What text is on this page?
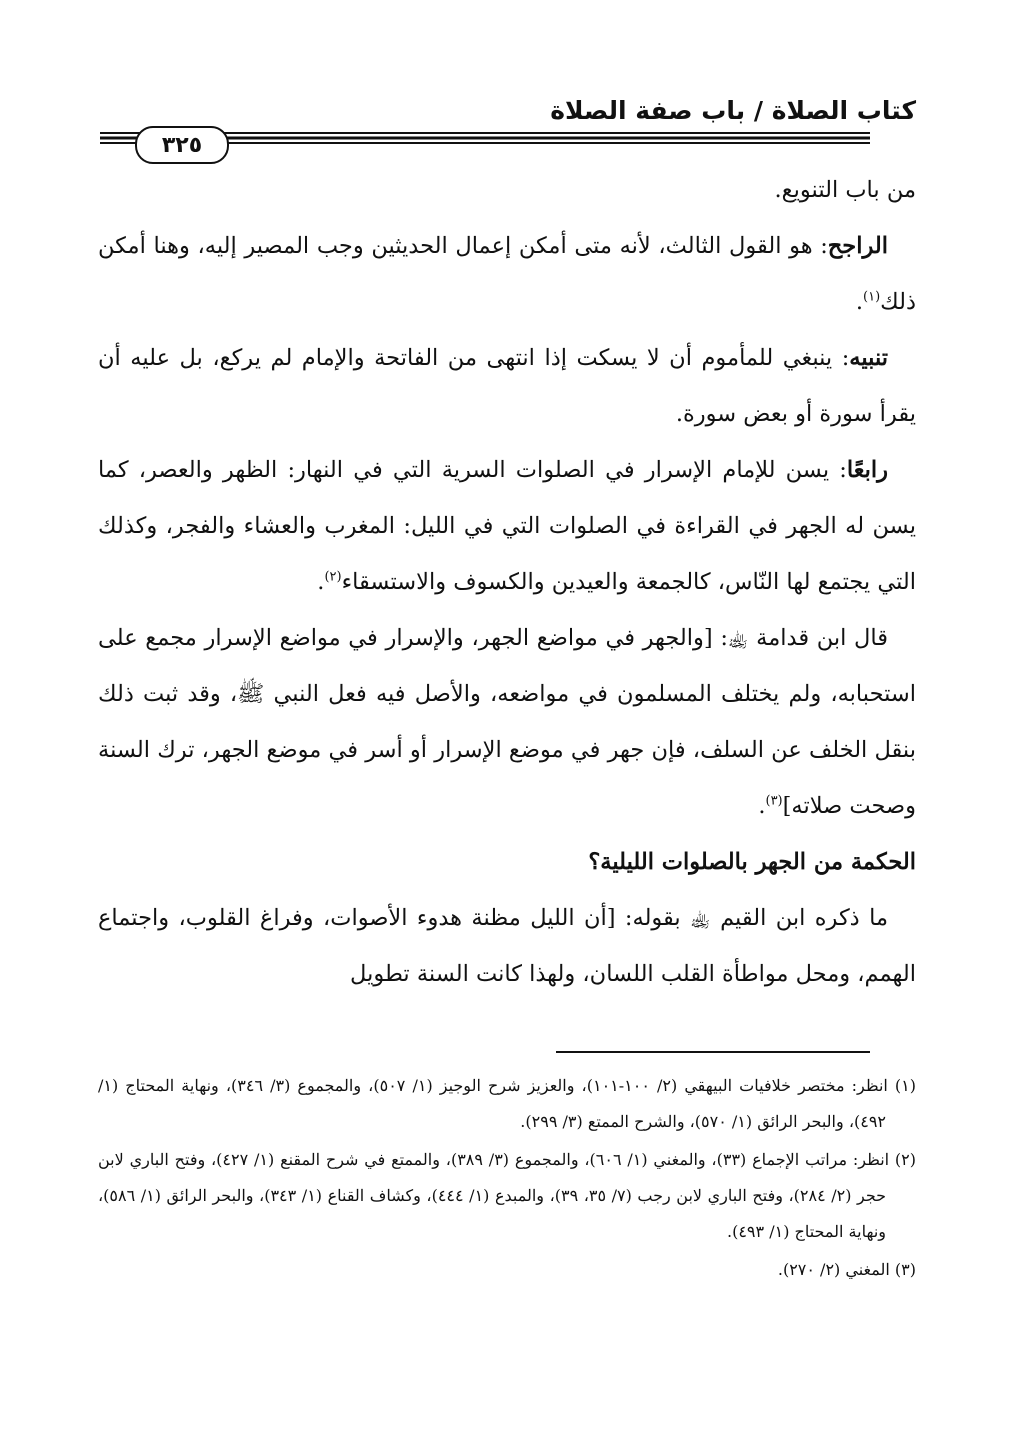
كتاب الصلاة / باب صفة الصلاة
٣٢٥

من باب التنويع.

الراجح: هو القول الثالث، لأنه متى أمكن إعمال الحديثين وجب المصير إليه، وهنا أمكن ذلك$^{(١)}$.

تنبيه: ينبغي للمأموم أن لا يسكت إذا انتهى من الفاتحة والإمام لم يركع، بل عليه أن يقرأ سورة أو بعض سورة.

رابعًا: يسن للإمام الإسرار في الصلوات السرية التي في النهار: الظهر والعصر، كما يسن له الجهر في القراءة في الصلوات التي في الليل: المغرب والعشاء والفجر، وكذلك التي يجتمع لها النّاس، كالجمعة والعيدين والكسوف والاستسقاء$^{(٢)}$.

قال ابن قدامة ﵀: [والجهر في مواضع الجهر، والإسرار في مواضع الإسرار مجمع على استحبابه، ولم يختلف المسلمون في مواضعه، والأصل فيه فعل النبي ﷺ، وقد ثبت ذلك بنقل الخلف عن السلف، فإن جهر في موضع الإسرار أو أسر في موضع الجهر، ترك السنة وصحت صلاته]$^{(٣)}$.

الحكمة من الجهر بالصلوات الليلية؟

ما ذكره ابن القيم ﵀ بقوله: [أن الليل مظنة هدوء الأصوات، وفراغ القلوب، واجتماع الهمم، ومحل مواطأة القلب اللسان، ولهذا كانت السنة تطويل

(١) انظر: مختصر خلافيات البيهقي (٢/ ١٠٠-١٠١)، والعزيز شرح الوجيز (١/ ٥٠٧)، والمجموع (٣/ ٣٤٦)، ونهاية المحتاج (١/ ٤٩٢)، والبحر الرائق (١/ ٥٧٠)، والشرح الممتع (٣/ ٢٩٩).

(٢) انظر: مراتب الإجماع (٣٣)، والمغني (١/ ٦٠٦)، والمجموع (٣/ ٣٨٩)، والممتع في شرح المقنع (١/ ٤٢٧)، وفتح الباري لابن حجر (٢/ ٢٨٤)، وفتح الباري لابن رجب (٧/ ٣٥، ٣٩)، والمبدع (١/ ٤٤٤)، وكشاف القناع (١/ ٣٤٣)، والبحر الرائق (١/ ٥٨٦)، ونهاية المحتاج (١/ ٤٩٣).

(٣) المغني (٢/ ٢٧٠).
